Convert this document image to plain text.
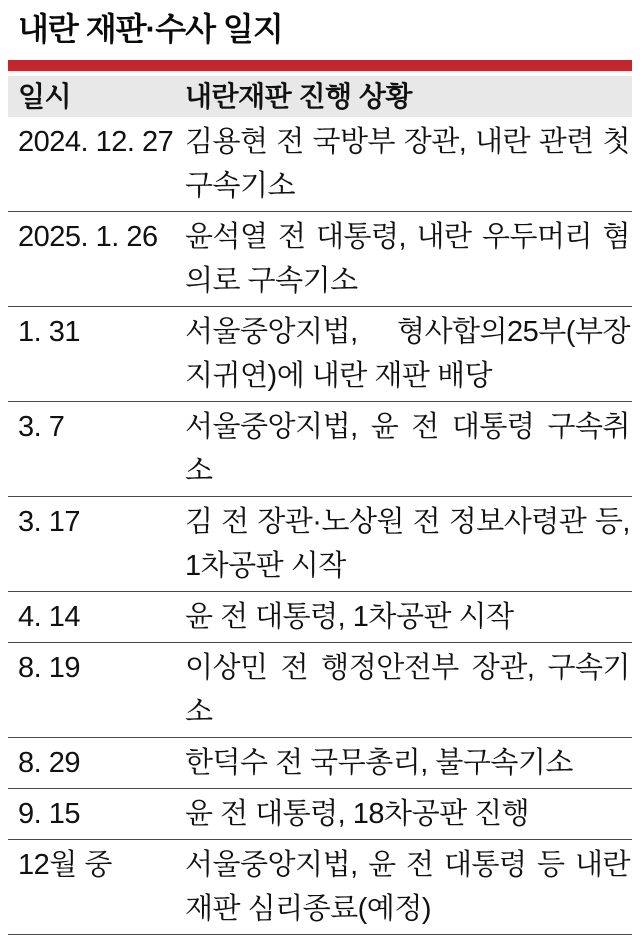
내란 재판·수사 일지
일시	내란재판 진행 상황
2024. 12. 27 김용현 전 국방부 장관, 내란 관련 첫 구속기소
2025. 1. 26 윤석열 전 대통령, 내란 우두머리 혐의로 구속기소
1. 31	서울중앙지법, 형사합의25부(부장 지귀연)에 내란 재판 배당
3. 7	서울중앙지법, 윤 전 대통령 구속취소
3. 17	김 전 장관·노상원 전 정보사령관 등, 1차공판 시작
4. 14	윤 전 대통령, 1차공판 시작
8. 19	이상민 전 행정안전부 장관, 구속기소
8. 29	한덕수 전 국무총리, 불구속기소
9. 15	윤 전 대통령, 18차공판 진행
12월 중	서울중앙지법, 윤 전 대통령 등 내란 재판 심리종료(예정)
